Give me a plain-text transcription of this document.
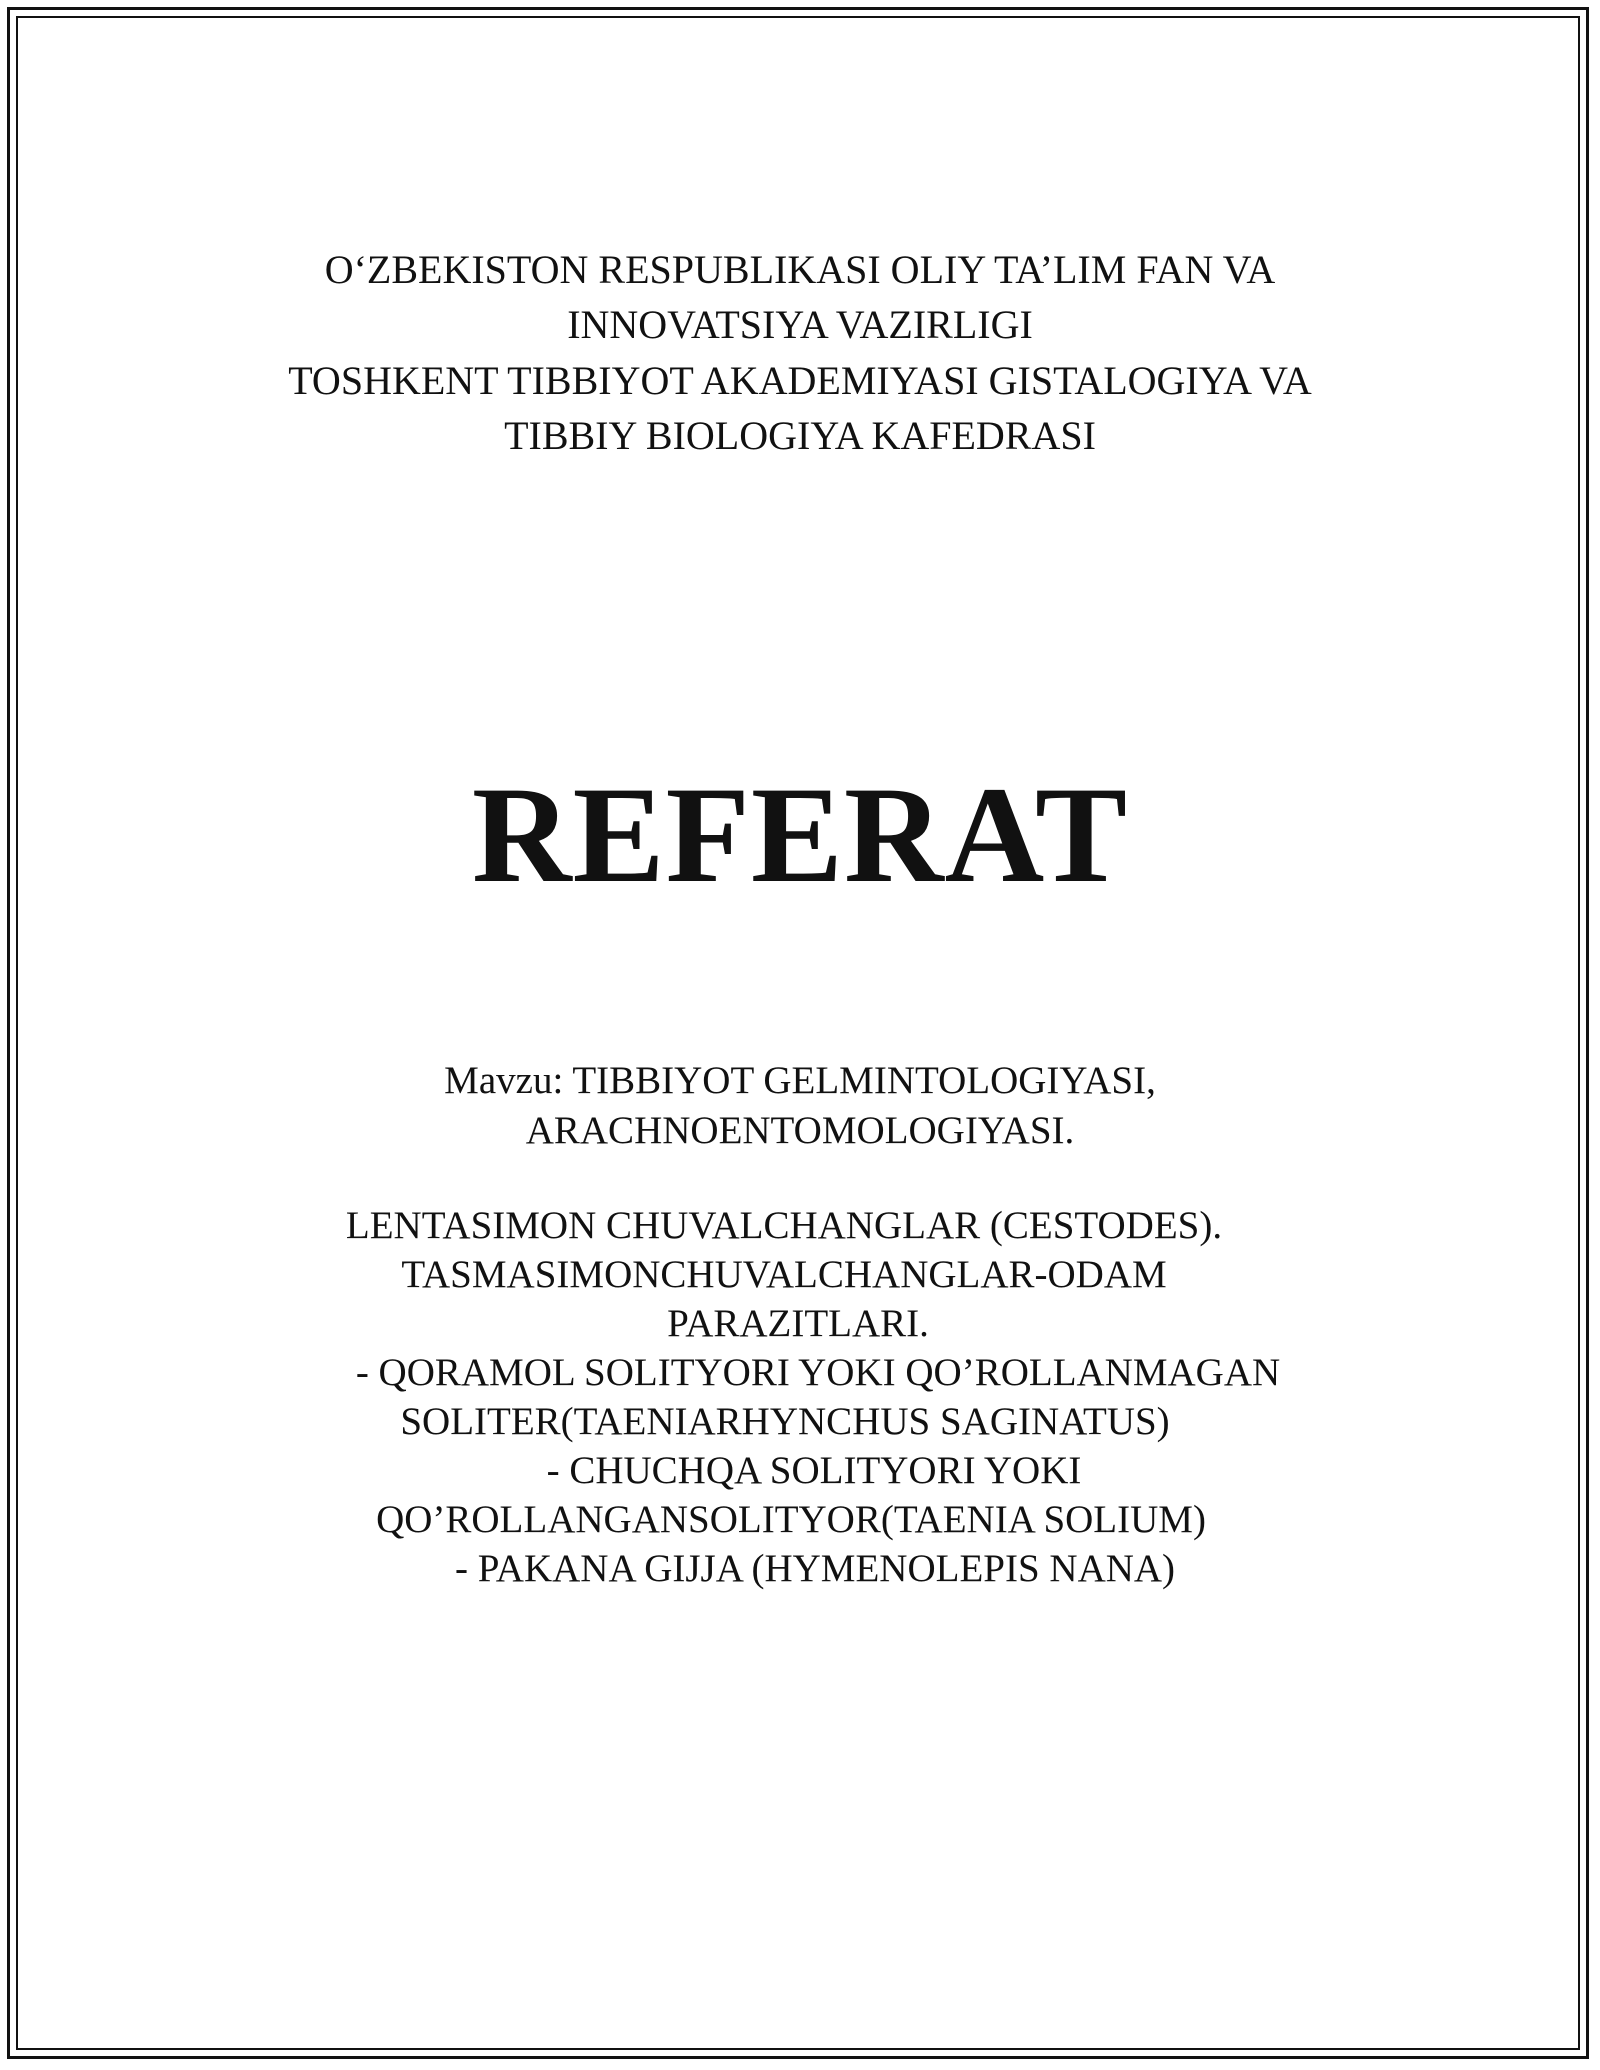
O‘ZBEKISTON RESPUBLIKASI OLIY TA’LIM FAN VA
INNOVATSIYA VAZIRLIGI
TOSHKENT TIBBIYOT AKADEMIYASI GISTALOGIYA VA
TIBBIY BIOLOGIYA KAFEDRASI
REFERAT
Mavzu: TIBBIYOT GELMINTOLOGIYASI,
ARACHNOENTOMOLOGIYASI.
LENTASIMON CHUVALCHANGLAR (CESTODES).
TASMASIMONCHUVALCHANGLAR-ODAM
PARAZITLARI.
- QORAMOL SOLITYORI YOKI QO’ROLLANMAGAN
SOLITER(TAENIARHYNCHUS SAGINATUS)
- CHUCHQA SOLITYORI YOKI
QO’ROLLANGANSOLITYOR(TAENIA SOLIUM)
- PAKANA GIJJA (HYMENOLEPIS NANA)
